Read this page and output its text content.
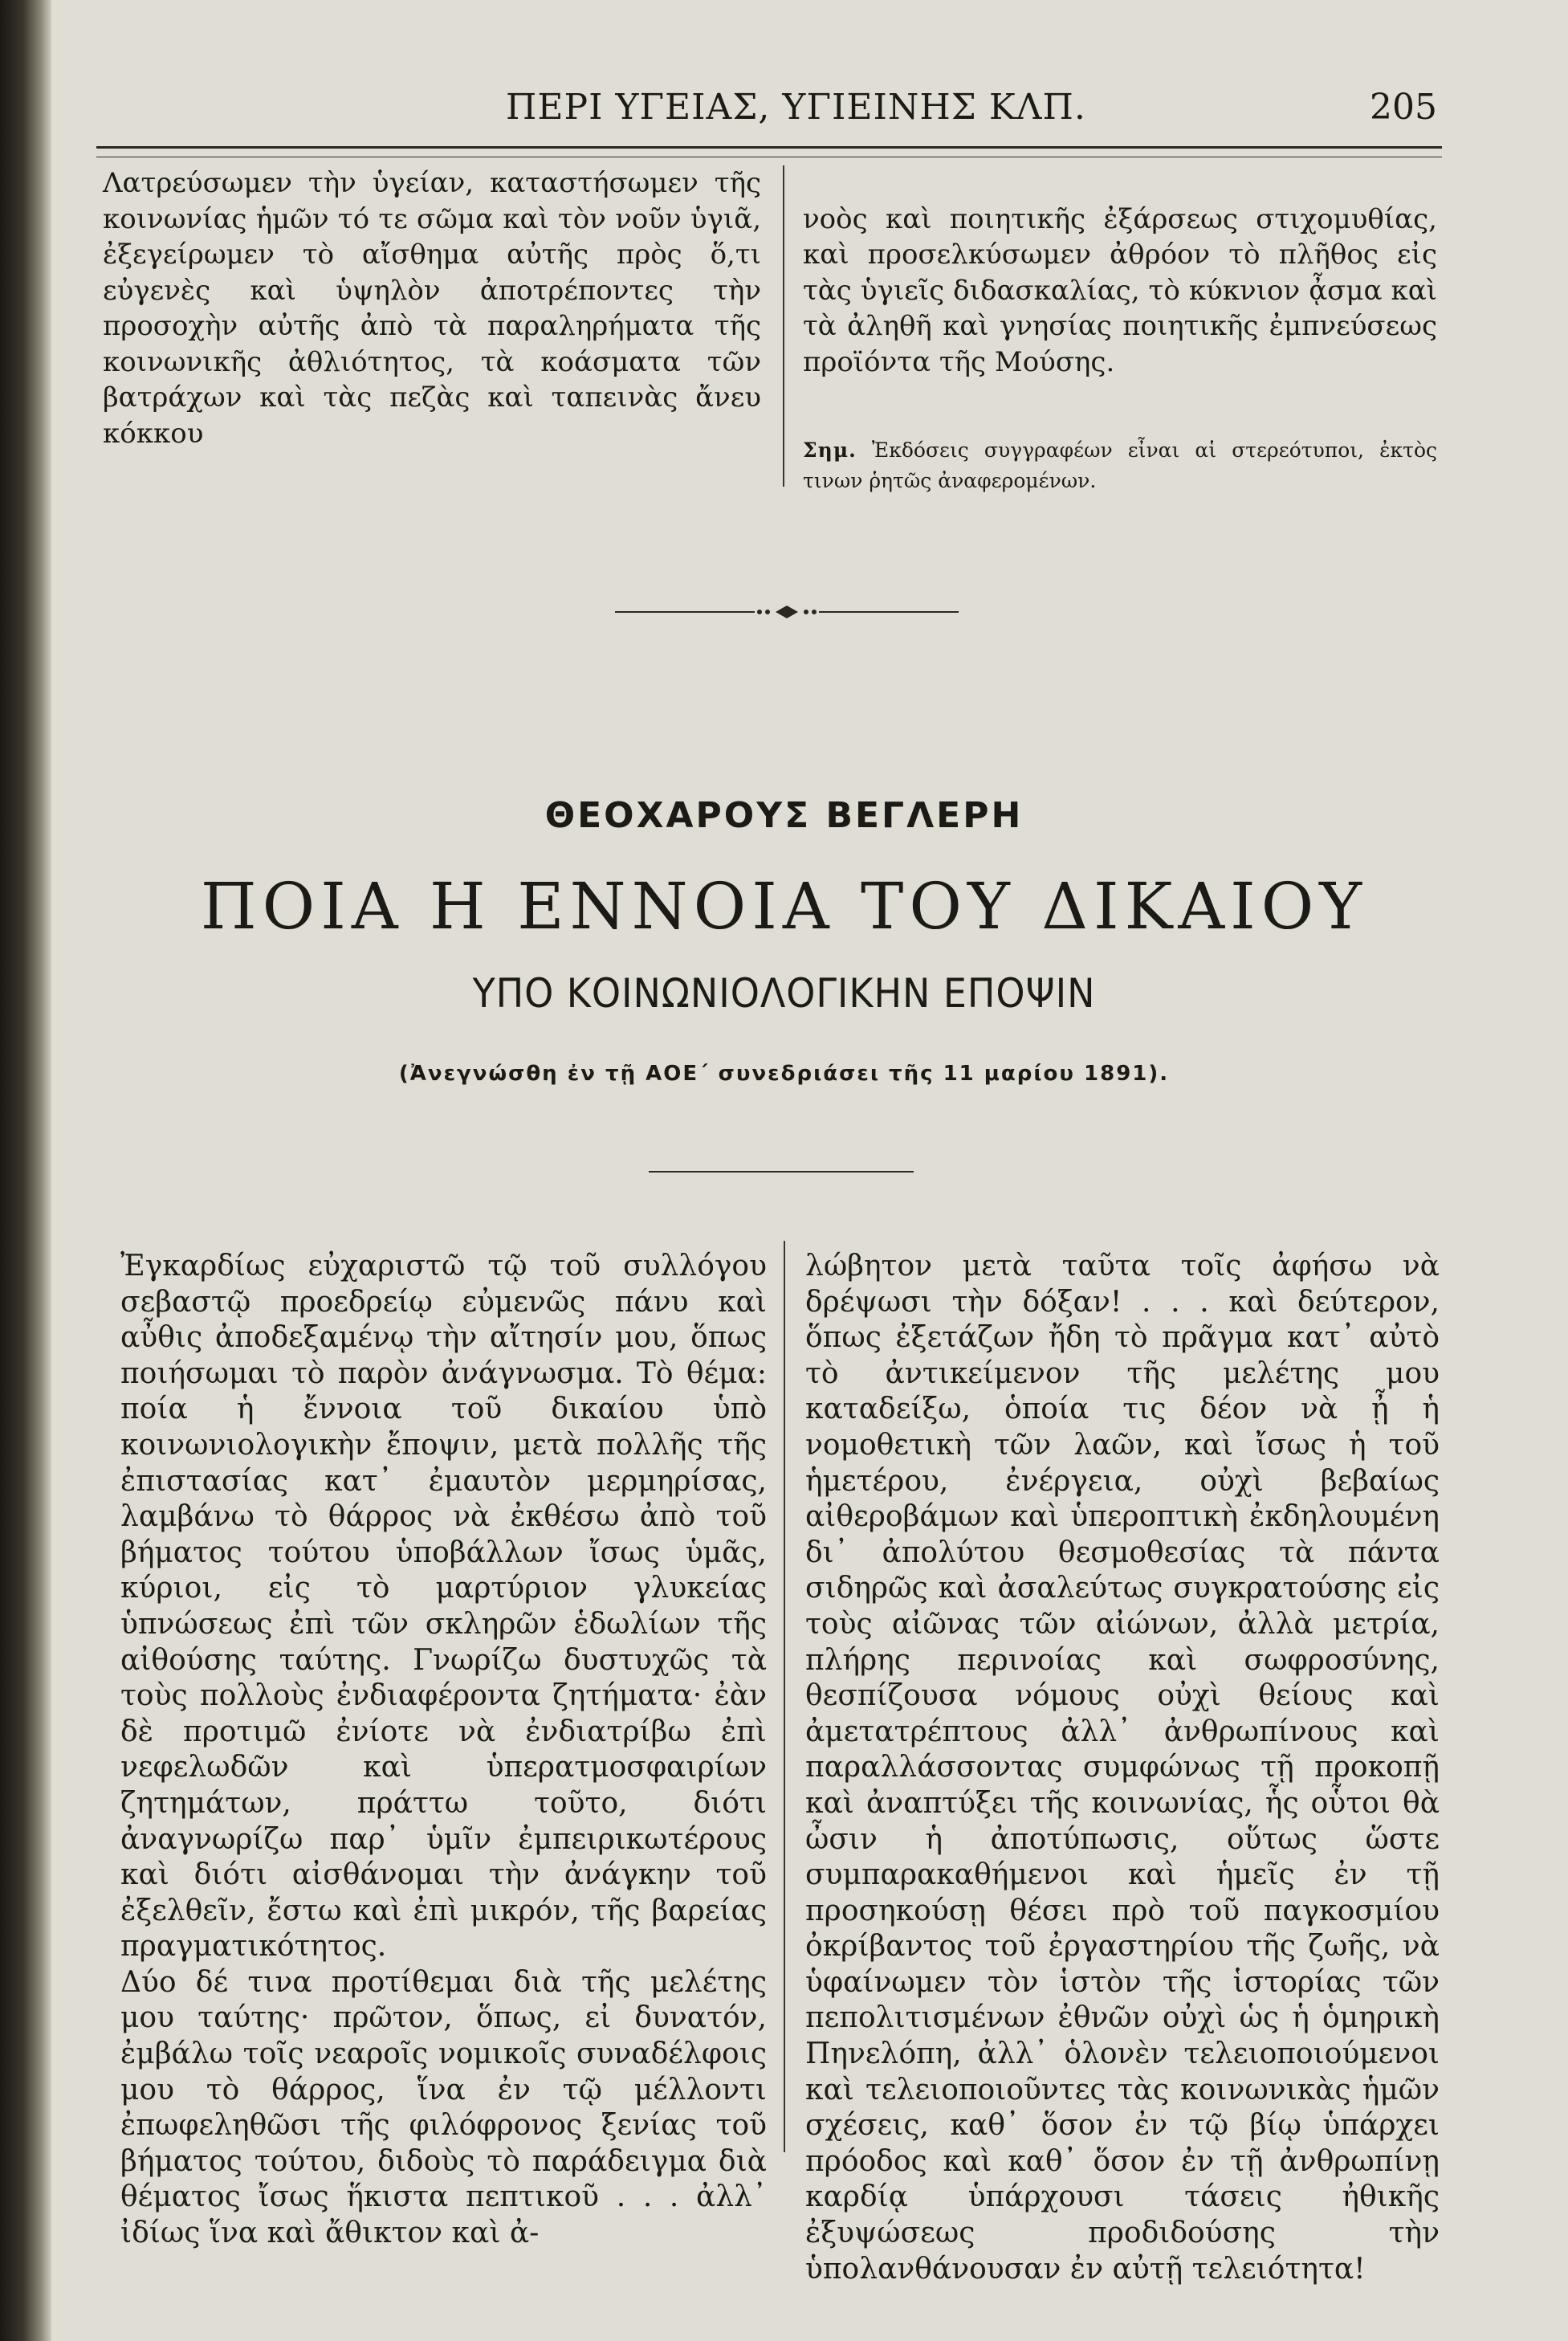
ΠΕΡΙ ΥΓΕΙΑΣ, ΥΓΙΕΙΝΗΣ ΚΛΠ.	205
Λατρεύσωμεν τὴν ὑγείαν, καταστήσωμεν τῆς κοινωνίας ἡμῶν τό τε σῶμα καὶ τὸν νοῦν ὑγιᾶ, ἐξεγείρωμεν τὸ αἴσθημα αὐτῆς πρὸς ὅ,τι εὐγενὲς καὶ ὑψηλὸν ἀποτρέποντες τὴν προσοχὴν αὐτῆς ἀπὸ τὰ παραληρήματα τῆς κοινωνικῆς ἀθλιότητος, τὰ κοάσματα τῶν βατράχων καὶ τὰς πεζὰς καὶ ταπεινὰς ἄνευ κόκκου

νοὸς καὶ ποιητικῆς ἐξάρσεως στιχομυθίας, καὶ προσελκύσωμεν ἀθρόον τὸ πλῆθος εἰς τὰς ὑγιεῖς διδασκαλίας, τὸ κύκνιον ᾆσμα καὶ τὰ ἀληθῆ καὶ γνησίας ποιητικῆς ἐμπνεύσεως προϊόντα τῆς Μούσης.

Σημ. Ἐκδόσεις συγγραφέων εἶναι αἱ στερεότυποι, ἐκτὸς τινων ῥητῶς ἀναφερομένων.

ΘΕΟΧΑΡΟΥΣ ΒΕΓΛΕΡΗ
ΠΟΙΑ Η ΕΝΝΟΙΑ ΤΟΥ ΔΙΚΑΙΟΥ
ΥΠΟ ΚΟΙΝΩΝΙΟΛΟΓΙΚΗΝ ΕΠΟΨΙΝ
(Ἀνεγνώσθη ἐν τῇ ΑΟΕ΄ συνεδριάσει τῆς 11 μαρίου 1891).
Ἐγκαρδίως εὐχαριστῶ τῷ τοῦ συλλόγου σεβαστῷ προεδρείῳ εὐμενῶς πάνυ καὶ αὖθις ἀποδεξαμένῳ τὴν αἴτησίν μου, ὅπως ποιήσωμαι τὸ παρὸν ἀνάγνωσμα. Τὸ θέμα: ποία ἡ ἔννοια τοῦ δικαίου ὑπὸ κοινωνιολογικὴν ἔποψιν, μετὰ πολλῆς τῆς ἐπιστασίας κατ᾿ ἐμαυτὸν μερμηρίσας, λαμβάνω τὸ θάρρος νὰ ἐκθέσω ἀπὸ τοῦ βήματος τούτου ὑποβάλλων ἴσως ὑμᾶς, κύριοι, εἰς τὸ μαρτύριον γλυκείας ὑπνώσεως ἐπὶ τῶν σκληρῶν ἑδωλίων τῆς αἰθούσης ταύτης. Γνωρίζω δυστυχῶς τὰ τοὺς πολλοὺς ἐνδιαφέροντα ζητήματα· ἐὰν δὲ προτιμῶ ἐνίοτε νὰ ἐνδιατρίβω ἐπὶ νεφελωδῶν καὶ ὑπερατμοσφαιρίων ζητημάτων, πράττω τοῦτο, διότι ἀναγνωρίζω παρ᾿ ὑμῖν ἐμπειρικωτέρους καὶ διότι αἰσθάνομαι τὴν ἀνάγκην τοῦ ἐξελθεῖν, ἔστω καὶ ἐπὶ μικρόν, τῆς βαρείας πραγματικότητος.
Δύο δέ τινα προτίθεμαι διὰ τῆς μελέτης μου ταύτης· πρῶτον, ὅπως, εἰ δυνατόν, ἐμβάλω τοῖς νεαροῖς νομικοῖς συναδέλφοις μου τὸ θάρρος, ἵνα ἐν τῷ μέλλοντι ἐπωφεληθῶσι τῆς φιλόφρονος ξενίας τοῦ βήματος τούτου, διδοὺς τὸ παράδειγμα διὰ θέματος ἴσως ἥκιστα πεπτικοῦ . . . ἀλλ᾿ ἰδίως ἵνα καὶ ἄθικτον καὶ ἀ-
λώβητον μετὰ ταῦτα τοῖς ἀφήσω νὰ δρέψωσι τὴν δόξαν! . . . καὶ δεύτερον, ὅπως ἐξετάζων ἤδη τὸ πρᾶγμα κατ᾿ αὐτὸ τὸ ἀντικείμενον τῆς μελέτης μου καταδείξω, ὁποία τις δέον νὰ ᾖ ἡ νομοθετικὴ τῶν λαῶν, καὶ ἴσως ἡ τοῦ ἡμετέρου, ἐνέργεια, οὐχὶ βεβαίως αἰθεροβάμων καὶ ὑπεροπτικὴ ἐκδηλουμένη δι᾿ ἀπολύτου θεσμοθεσίας τὰ πάντα σιδηρῶς καὶ ἀσαλεύτως συγκρατούσης εἰς τοὺς αἰῶνας τῶν αἰώνων, ἀλλὰ μετρία, πλήρης περινοίας καὶ σωφροσύνης, θεσπίζουσα νόμους οὐχὶ θείους καὶ ἀμετατρέπτους ἀλλ᾿ ἀνθρωπίνους καὶ παραλλάσσοντας συμφώνως τῇ προκοπῇ καὶ ἀναπτύξει τῆς κοινωνίας, ἧς οὗτοι θὰ ὦσιν ἡ ἀποτύπωσις, οὕτως ὥστε συμπαρακαθήμενοι καὶ ἡμεῖς ἐν τῇ προσηκούσῃ θέσει πρὸ τοῦ παγκοσμίου ὀκρίβαντος τοῦ ἐργαστηρίου τῆς ζωῆς, νὰ ὑφαίνωμεν τὸν ἱστὸν τῆς ἱστορίας τῶν πεπολιτισμένων ἐθνῶν οὐχὶ ὡς ἡ ὁμηρικὴ Πηνελόπη, ἀλλ᾿ ὁλονὲν τελειοποιούμενοι καὶ τελειοποιοῦντες τὰς κοινωνικὰς ἡμῶν σχέσεις, καθ᾿ ὅσον ἐν τῷ βίῳ ὑπάρχει πρόοδος καὶ καθ᾿ ὅσον ἐν τῇ ἀνθρωπίνῃ καρδίᾳ ὑπάρχουσι τάσεις ἠθικῆς ἐξυψώσεως προδιδούσης τὴν ὑπολανθάνουσαν ἐν αὐτῇ τελειότητα!
